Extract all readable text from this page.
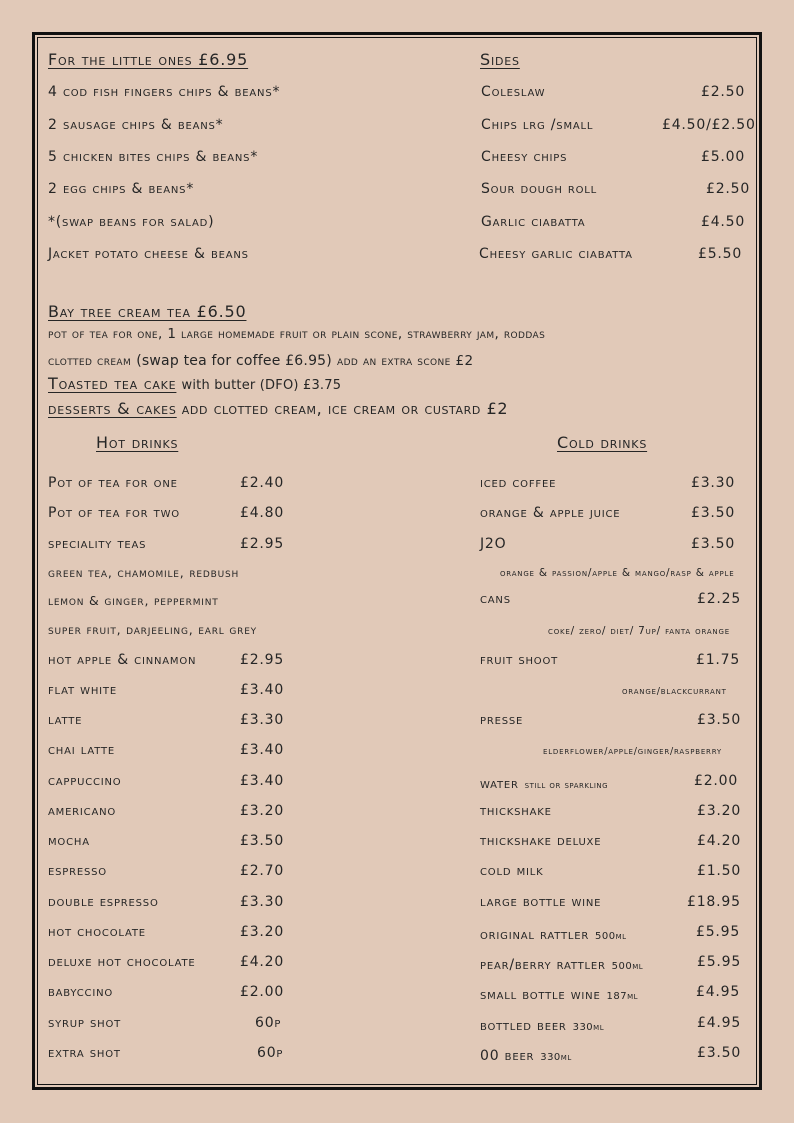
For the little ones £6.95
4 cod fish fingers chips & beans*
2 sausage chips & beans*
5 chicken bites chips & beans*
2 egg chips & beans*
*(swap beans for salad)
Jacket potato cheese & beans
Sides
Coleslaw	£2.50
Chips lrg /small	£4.50/£2.50
Cheesy chips	£5.00
Sour dough roll	£2.50
Garlic ciabatta	£4.50
Cheesy garlic ciabatta	£5.50
Bay tree cream tea £6.50
pot of tea for one, 1 large homemade fruit or plain scone, strawberry jam, roddas
clotted cream (swap tea for coffee £6.95) add an extra scone £2
Toasted tea cake with butter (DFO) £3.75
desserts & cakes add clotted cream, ice cream or custard £2
Hot drinks
Pot of tea for one	£2.40
Pot of tea for two	£4.80
speciality teas	£2.95
green tea, chamomile, redbush
lemon & ginger, peppermint
super fruit, darjeeling, earl grey
hot apple & cinnamon	£2.95
flat white	£3.40
latte	£3.30
chai latte	£3.40
cappuccino	£3.40
americano	£3.20
mocha	£3.50
espresso	£2.70
double espresso	£3.30
hot chocolate	£3.20
deluxe hot chocolate	£4.20
babyccino	£2.00
syrup shot	60p
extra shot	60p
Cold drinks
iced coffee	£3.30
orange & apple juice	£3.50
J2O	£3.50
orange & passion/apple & mango/rasp & apple
cans	£2.25
coke/ zero/ diet/ 7up/ fanta orange
fruit shoot	£1.75
orange/blackcurrant
presse	£3.50
elderflower/apple/ginger/raspberry
water still or sparkling	£2.00
thickshake	£3.20
thickshake deluxe	£4.20
cold milk	£1.50
large bottle wine	£18.95
original rattler 500ml	£5.95
pear/berry rattler 500ml	£5.95
small bottle wine 187ml	£4.95
bottled beer 330ml	£4.95
00 beer 330ml	£3.50
